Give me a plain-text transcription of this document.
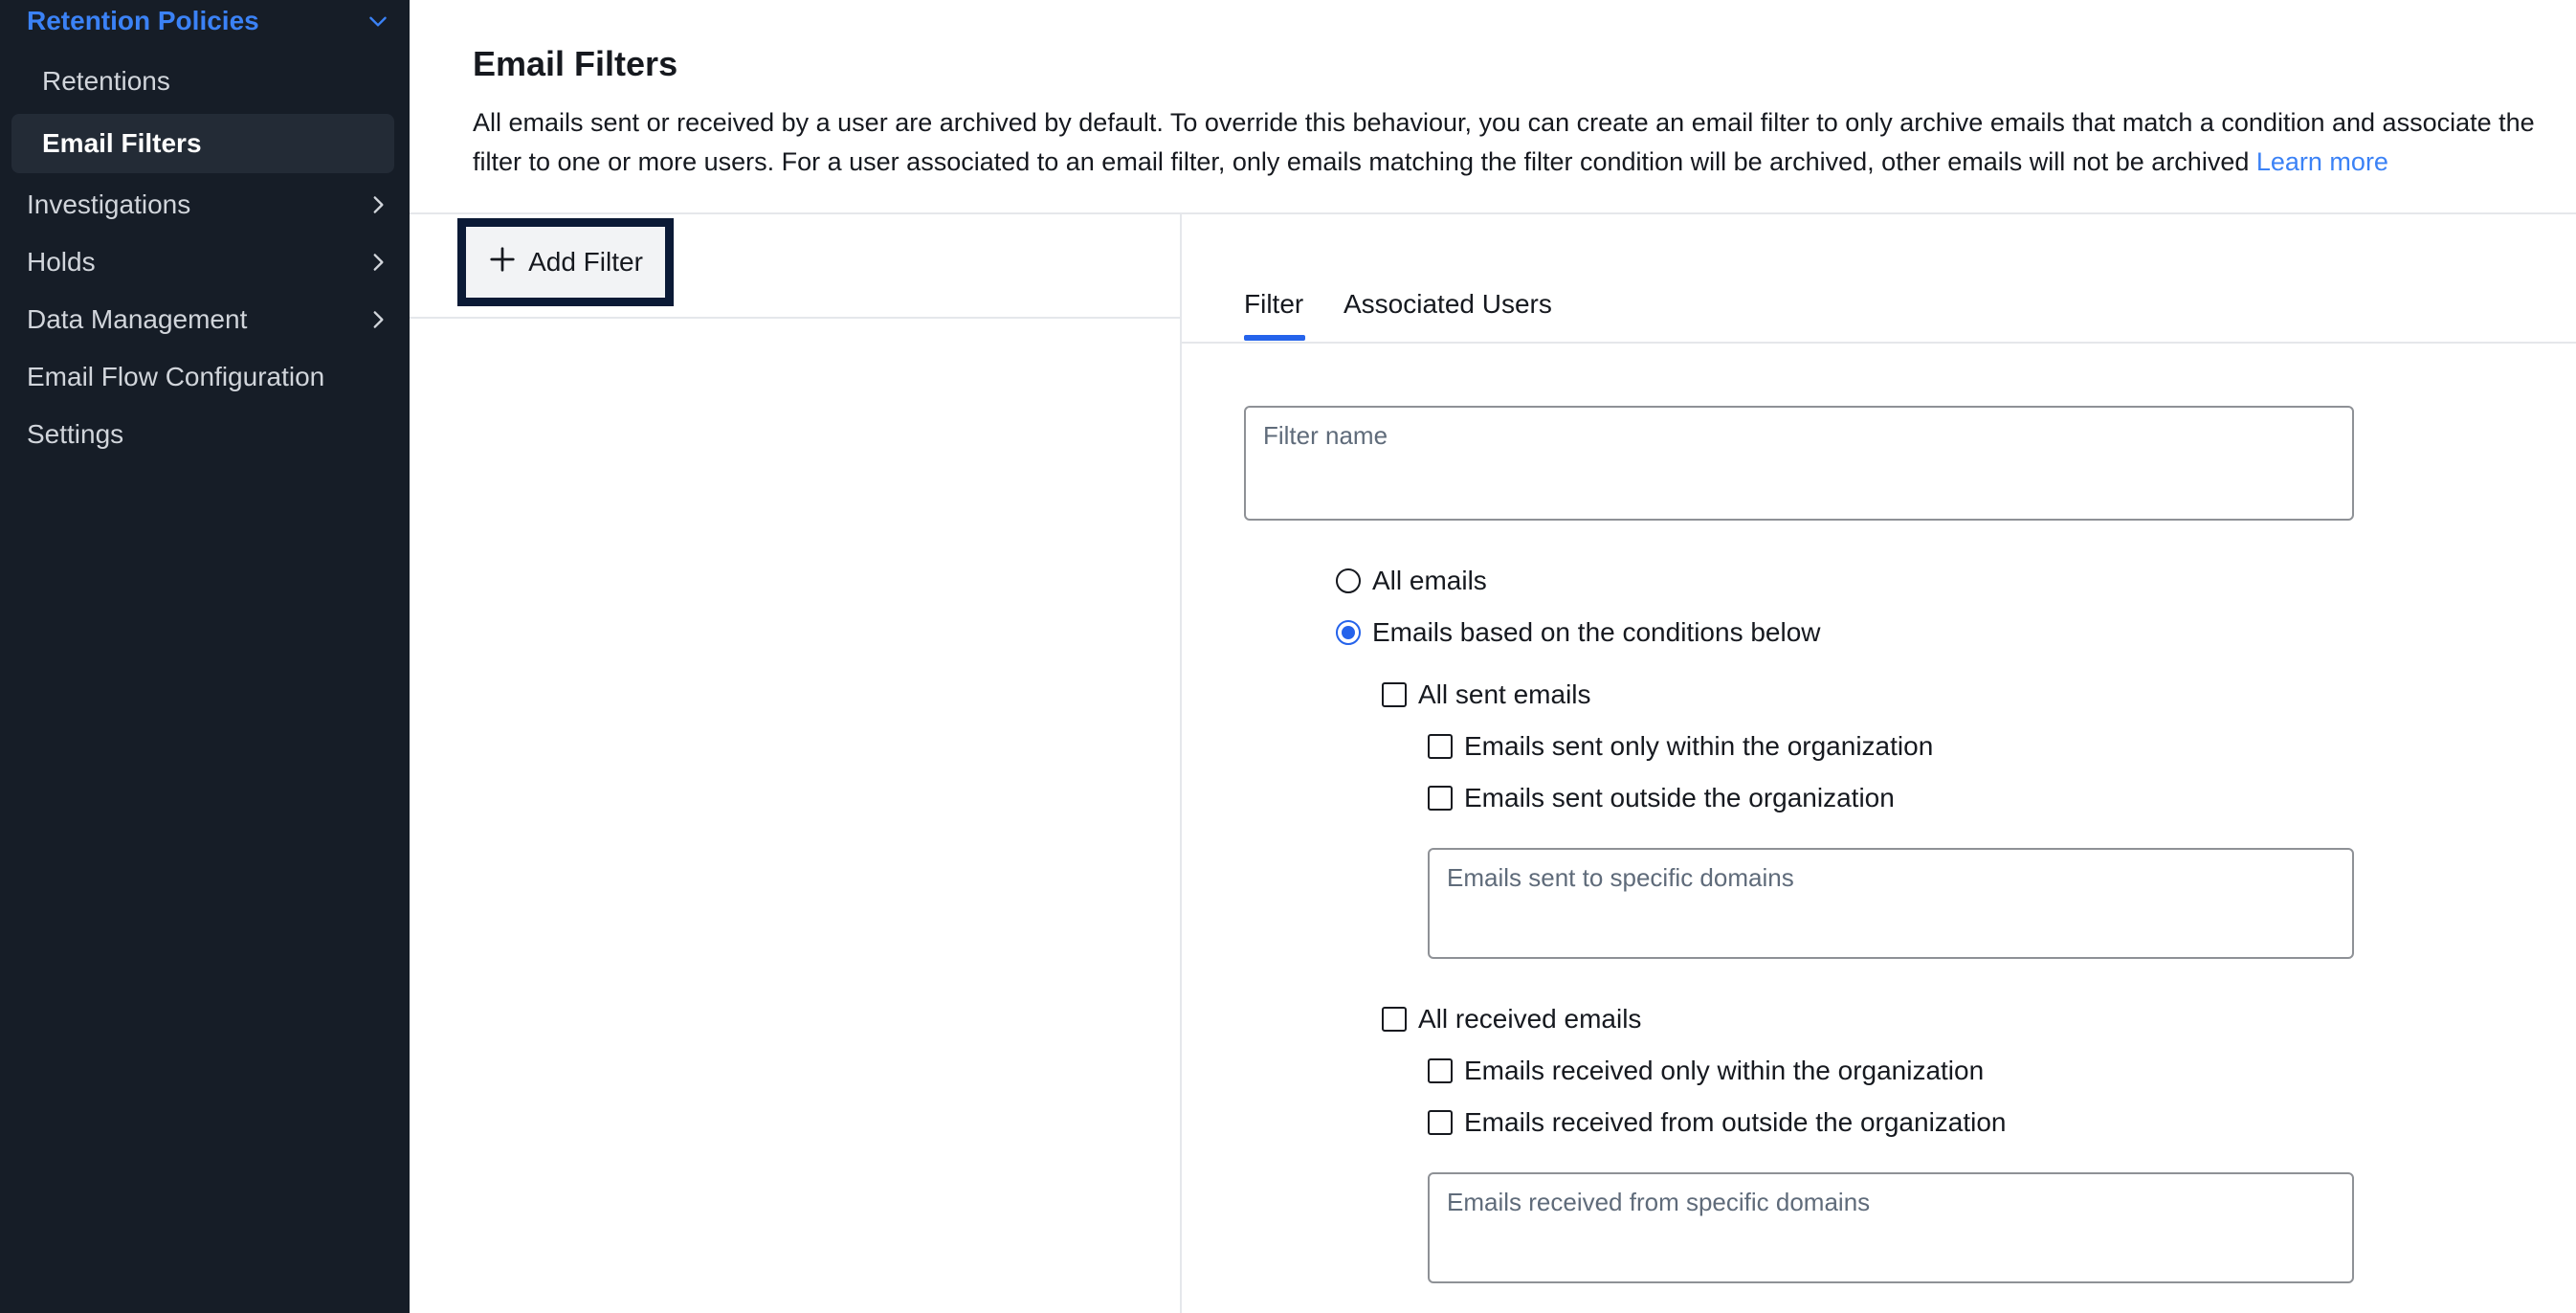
Retention Policies
Retentions
Email Filters
Investigations
Holds
Data Management
Email Flow Configuration
Settings
Email Filters

All emails sent or received by a user are archived by default. To override this behaviour, you can create an email filter to only archive emails that match a condition and associate the filter to one or more users. For a user associated to an email filter, only emails matching the filter condition will be archived, other emails will not be archived Learn more

Add Filter
Filter Associated Users
Filter name
All emails
Emails based on the conditions below
All sent emails
Emails sent only within the organization
Emails sent outside the organization
Emails sent to specific domains
All received emails
Emails received only within the organization
Emails received from outside the organization
Emails received from specific domains
